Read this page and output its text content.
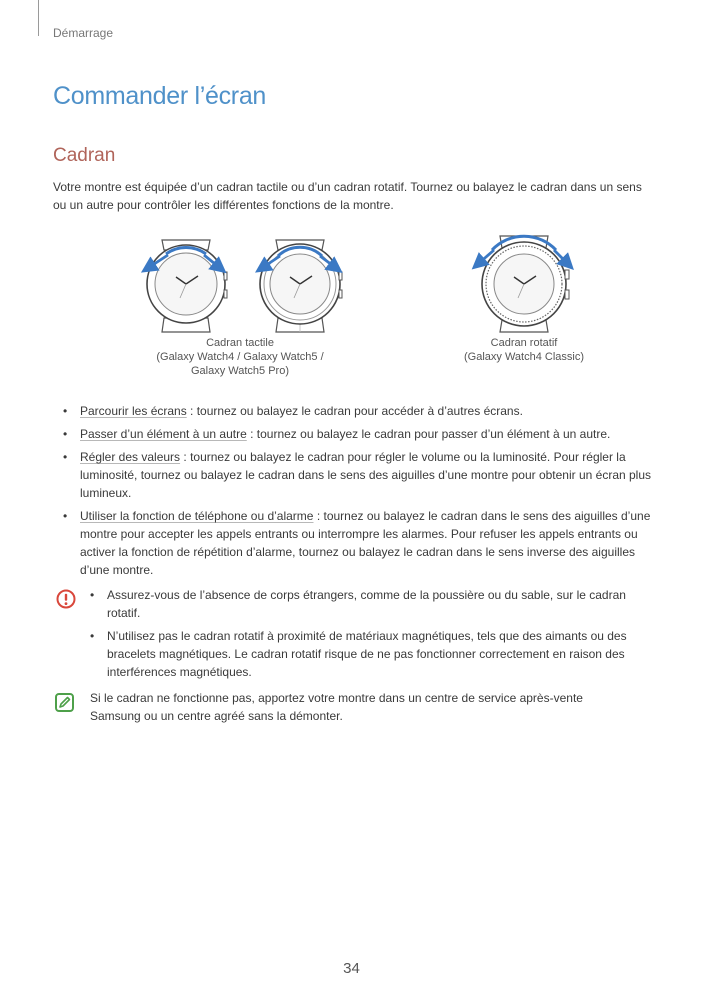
Démarrage
Commander l’écran
Cadran

Votre montre est équipée d’un cadran tactile ou d’un cadran rotatif. Tournez ou balayez le cadran dans un sens ou un autre pour contrôler les différentes fonctions de la montre.

Cadran tactile
(Galaxy Watch4 / Galaxy Watch5 /
Galaxy Watch5 Pro)
Cadran rotatif
(Galaxy Watch4 Classic)
• Parcourir les écrans : tournez ou balayez le cadran pour accéder à d’autres écrans.
• Passer d’un élément à un autre : tournez ou balayez le cadran pour passer d’un élément à un autre.
• Régler des valeurs : tournez ou balayez le cadran pour régler le volume ou la luminosité. Pour régler la luminosité, tournez ou balayez le cadran dans le sens des aiguilles d’une montre pour obtenir un écran plus lumineux.
• Utiliser la fonction de téléphone ou d’alarme : tournez ou balayez le cadran dans le sens des aiguilles d’une montre pour accepter les appels entrants ou interrompre les alarmes. Pour refuser les appels entrants ou activer la fonction de répétition d’alarme, tournez ou balayez le cadran dans le sens inverse des aiguilles d’une montre.
• Assurez-vous de l’absence de corps étrangers, comme de la poussière ou du sable, sur le cadran rotatif.
• N’utilisez pas le cadran rotatif à proximité de matériaux magnétiques, tels que des aimants ou des bracelets magnétiques. Le cadran rotatif risque de ne pas fonctionner correctement en raison des interférences magnétiques.

Si le cadran ne fonctionne pas, apportez votre montre dans un centre de service après-vente Samsung ou un centre agréé sans la démonter.

34
